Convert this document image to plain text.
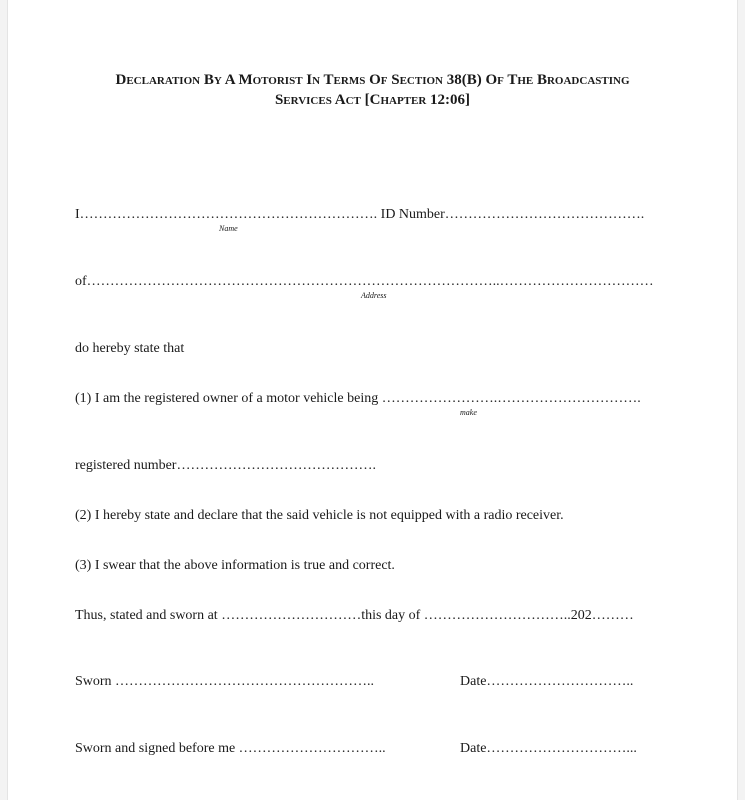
Declaration By A Motorist In Terms Of Section 38(B) Of The Broadcasting
Services Act [Chapter 12:06]
I………………………………………………………. ID Number…………………………………….
Name
of……………………………………………………………………………..……………………………
Address
do hereby state that
(1) I am the registered owner of a motor vehicle being …………………….………………………….
make
registered number…………………………………….
(2) I hereby state and declare that the said vehicle is not equipped with a radio receiver.
(3) I swear that the above information is true and correct.
Thus, stated and sworn at …………………………this day of …………………………..202………
Sworn ………………………………………………..	Date…………………………..
Sworn and signed before me …………………………..	Date…………………………...
